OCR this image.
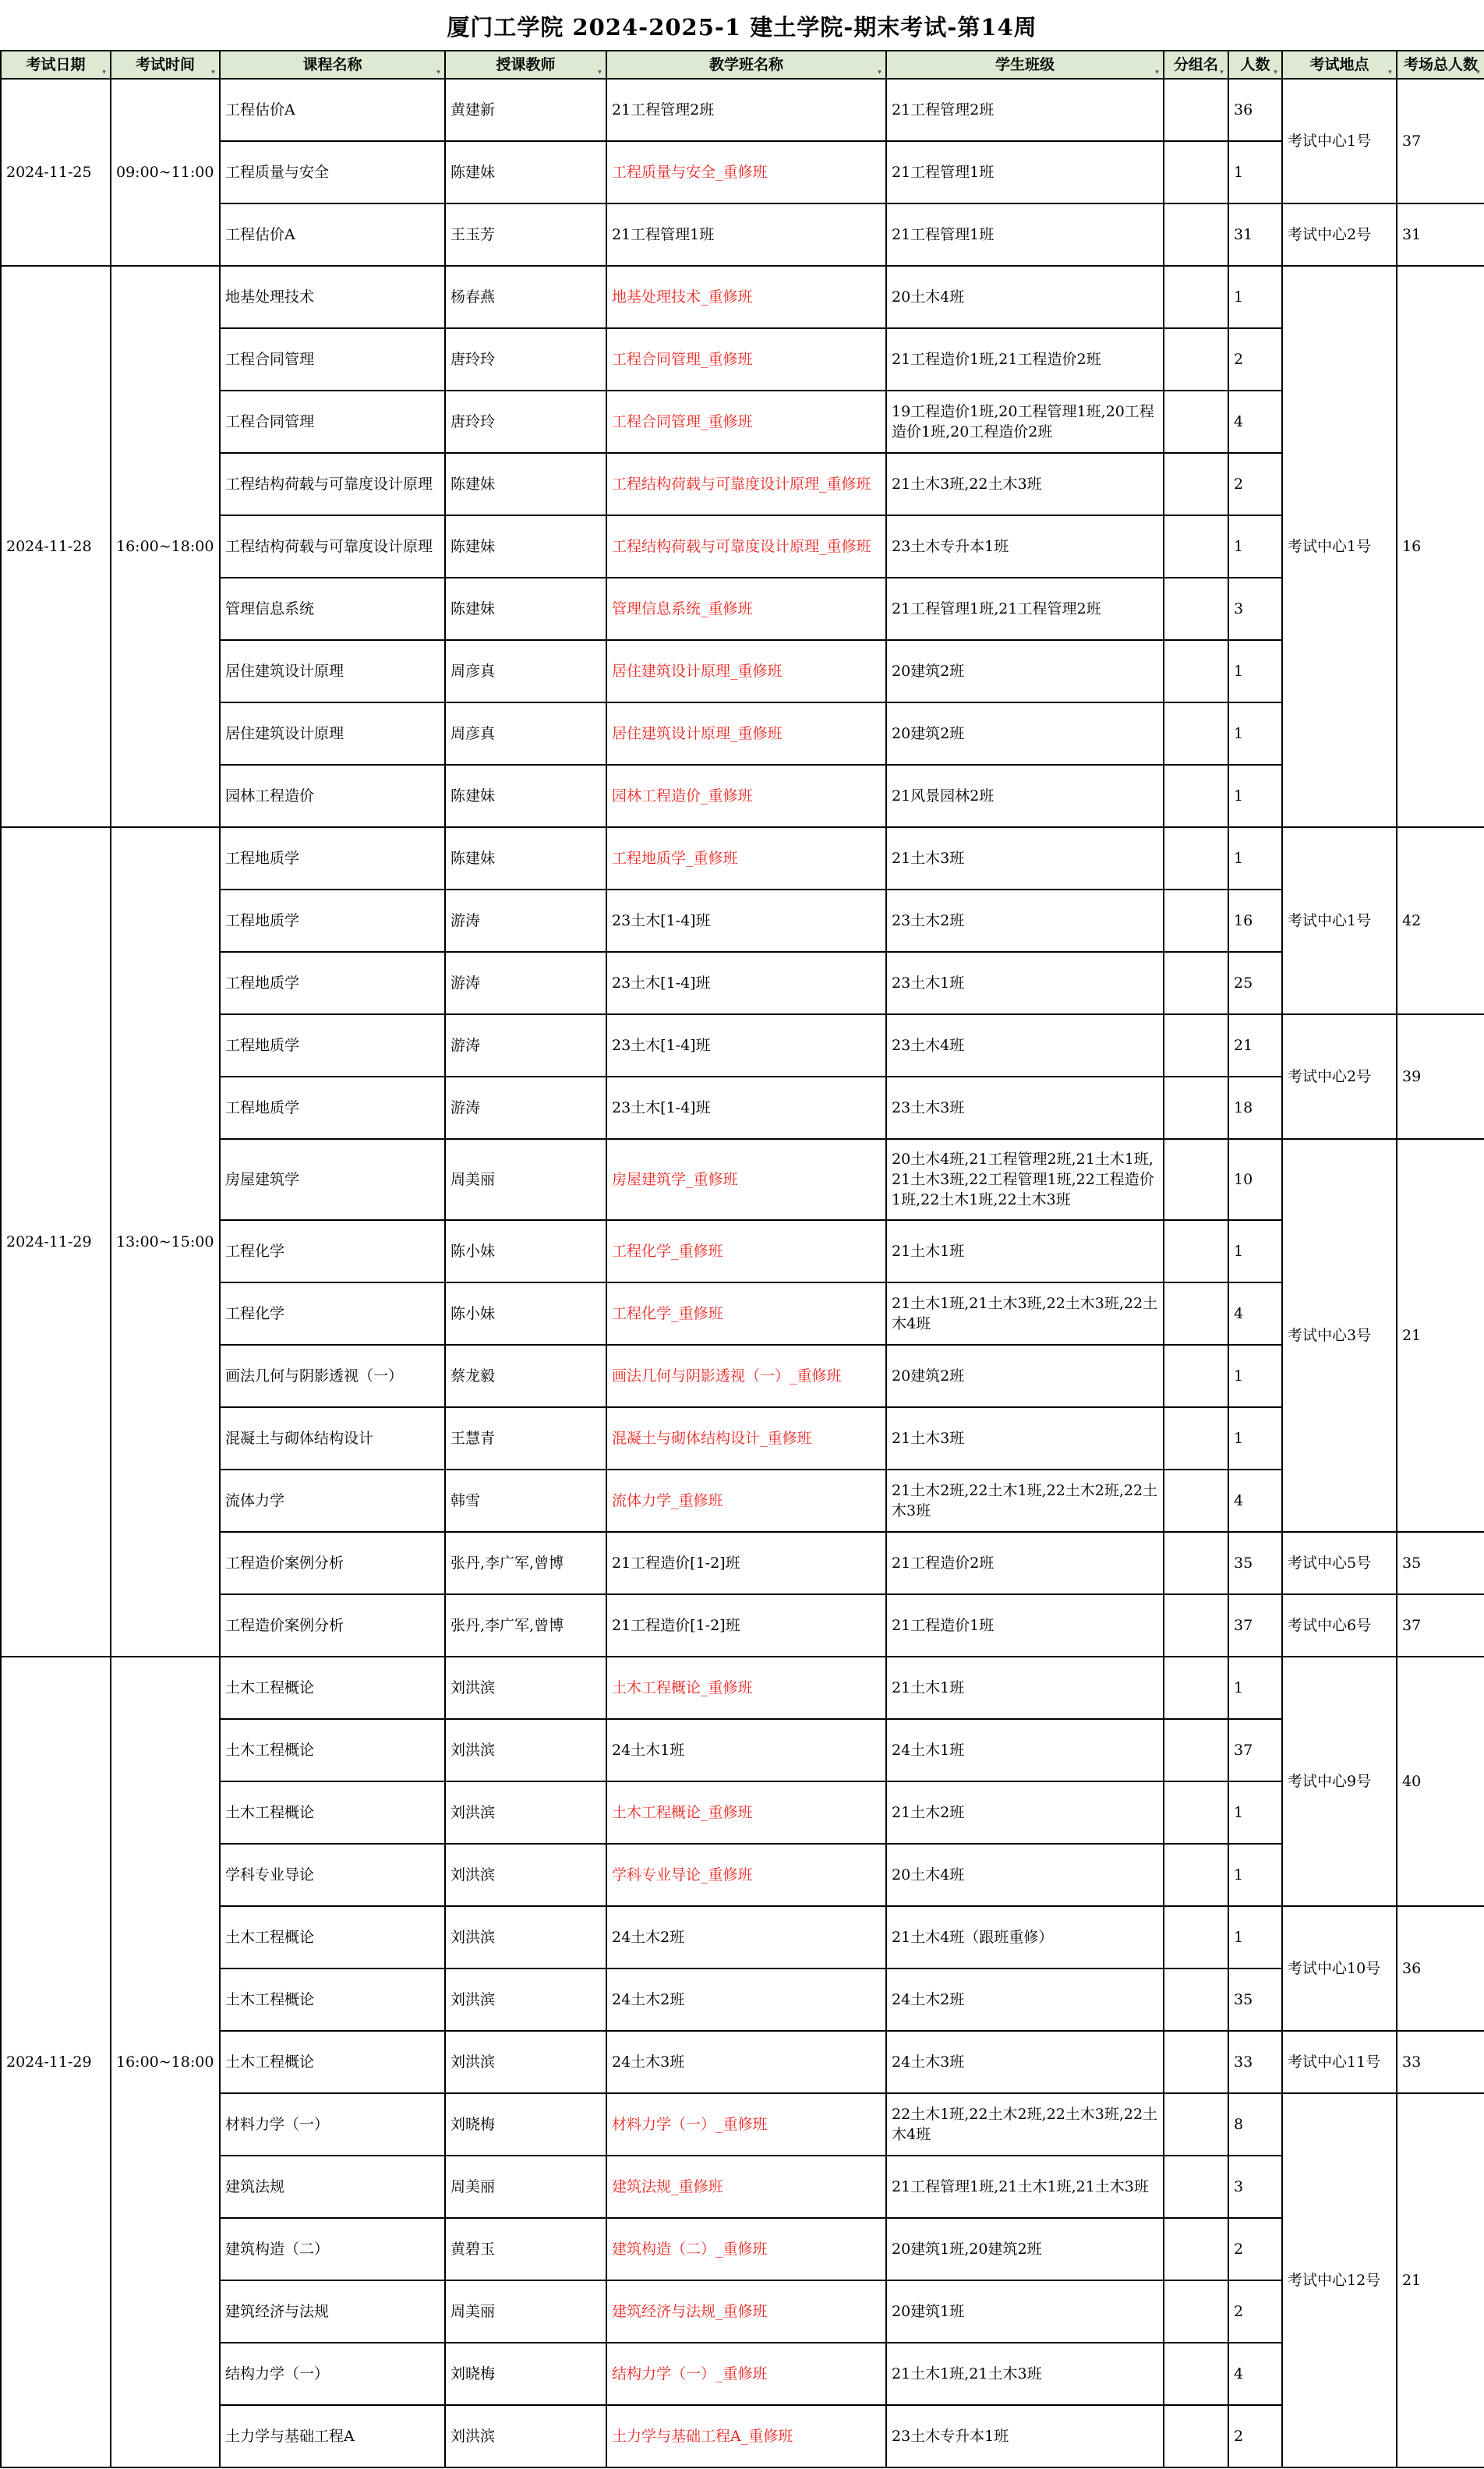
厦门工学院 2024-2025-1 建土学院-期末考试-第14周
考试日期 ▾	考试时间 ▾	课程名称 ▾	授课教师 ▾	教学班名称 ▾	学生班级 ▾	分组名 ▾	人数 ▾	考试地点 ▾	考场总人数
▾

2024-11-25	09:00~11:00	工程估价A	黄建新	21工程管理2班	21工程管理2班		36	考试中心1号	37
		工程质量与安全	陈建妹	工程质量与安全_重修班	21工程管理1班		1		
		工程估价A	王玉芳	21工程管理1班	21工程管理1班		31	考试中心2号	31
2024-11-28	16:00~18:00	地基处理技术	杨春燕	地基处理技术_重修班	20土木4班		1	考试中心1号	16
		工程合同管理	唐玲玲	工程合同管理_重修班	21工程造价1班,21工程造价2班		2		
		工程合同管理	唐玲玲	工程合同管理_重修班	19工程造价1班,20工程管理1班,20工程造价1班,20工程造价2班		4		
		工程结构荷载与可靠度设计原理	陈建妹	工程结构荷载与可靠度设计原理_重修班	21土木3班,22土木3班		2		
		工程结构荷载与可靠度设计原理	陈建妹	工程结构荷载与可靠度设计原理_重修班	23土木专升本1班		1		
		管理信息系统	陈建妹	管理信息系统_重修班	21工程管理1班,21工程管理2班		3		
		居住建筑设计原理	周彦真	居住建筑设计原理_重修班	20建筑2班		1		
		居住建筑设计原理	周彦真	居住建筑设计原理_重修班	20建筑2班		1		
		园林工程造价	陈建妹	园林工程造价_重修班	21风景园林2班		1		
2024-11-29	13:00~15:00	工程地质学	陈建妹	工程地质学_重修班	21土木3班		1	考试中心1号	42
		工程地质学	游涛	23土木[1-4]班	23土木2班		16		
		工程地质学	游涛	23土木[1-4]班	23土木1班		25		
		工程地质学	游涛	23土木[1-4]班	23土木4班		21	考试中心2号	39
		工程地质学	游涛	23土木[1-4]班	23土木3班		18		
		房屋建筑学	周美丽	房屋建筑学_重修班	20土木4班,21工程管理2班,21土木1班,21土木3班,22工程管理1班,22工程造价1班,22土木1班,22土木3班		10	考试中心3号	21
		工程化学	陈小妹	工程化学_重修班	21土木1班		1		
		工程化学	陈小妹	工程化学_重修班	21土木1班,21土木3班,22土木3班,22土木4班		4		
		画法几何与阴影透视（一）	蔡龙毅	画法几何与阴影透视（一）_重修班	20建筑2班		1		
		混凝土与砌体结构设计	王慧青	混凝土与砌体结构设计_重修班	21土木3班		1		
		流体力学	韩雪	流体力学_重修班	21土木2班,22土木1班,22土木2班,22土木3班		4		
		工程造价案例分析	张丹,李广军,曾博	21工程造价[1-2]班	21工程造价2班		35	考试中心5号	35
		工程造价案例分析	张丹,李广军,曾博	21工程造价[1-2]班	21工程造价1班		37	考试中心6号	37
2024-11-29	16:00~18:00	土木工程概论	刘洪滨	土木工程概论_重修班	21土木1班		1	考试中心9号	40
		土木工程概论	刘洪滨	24土木1班	24土木1班		37		
		土木工程概论	刘洪滨	土木工程概论_重修班	21土木2班		1		
		学科专业导论	刘洪滨	学科专业导论_重修班	20土木4班		1		
		土木工程概论	刘洪滨	24土木2班	21土木4班（跟班重修）		1	考试中心10号	36
		土木工程概论	刘洪滨	24土木2班	24土木2班		35		
		土木工程概论	刘洪滨	24土木3班	24土木3班		33	考试中心11号	33
		材料力学（一）	刘晓梅	材料力学（一）_重修班	22土木1班,22土木2班,22土木3班,22土木4班		8	考试中心12号	21
		建筑法规	周美丽	建筑法规_重修班	21工程管理1班,21土木1班,21土木3班		3		
		建筑构造（二）	黄碧玉	建筑构造（二）_重修班	20建筑1班,20建筑2班		2		
		建筑经济与法规	周美丽	建筑经济与法规_重修班	20建筑1班		2		
		结构力学（一）	刘晓梅	结构力学（一）_重修班	21土木1班,21土木3班		4		
		土力学与基础工程A	刘洪滨	土力学与基础工程A_重修班	23土木专升本1班		2		
